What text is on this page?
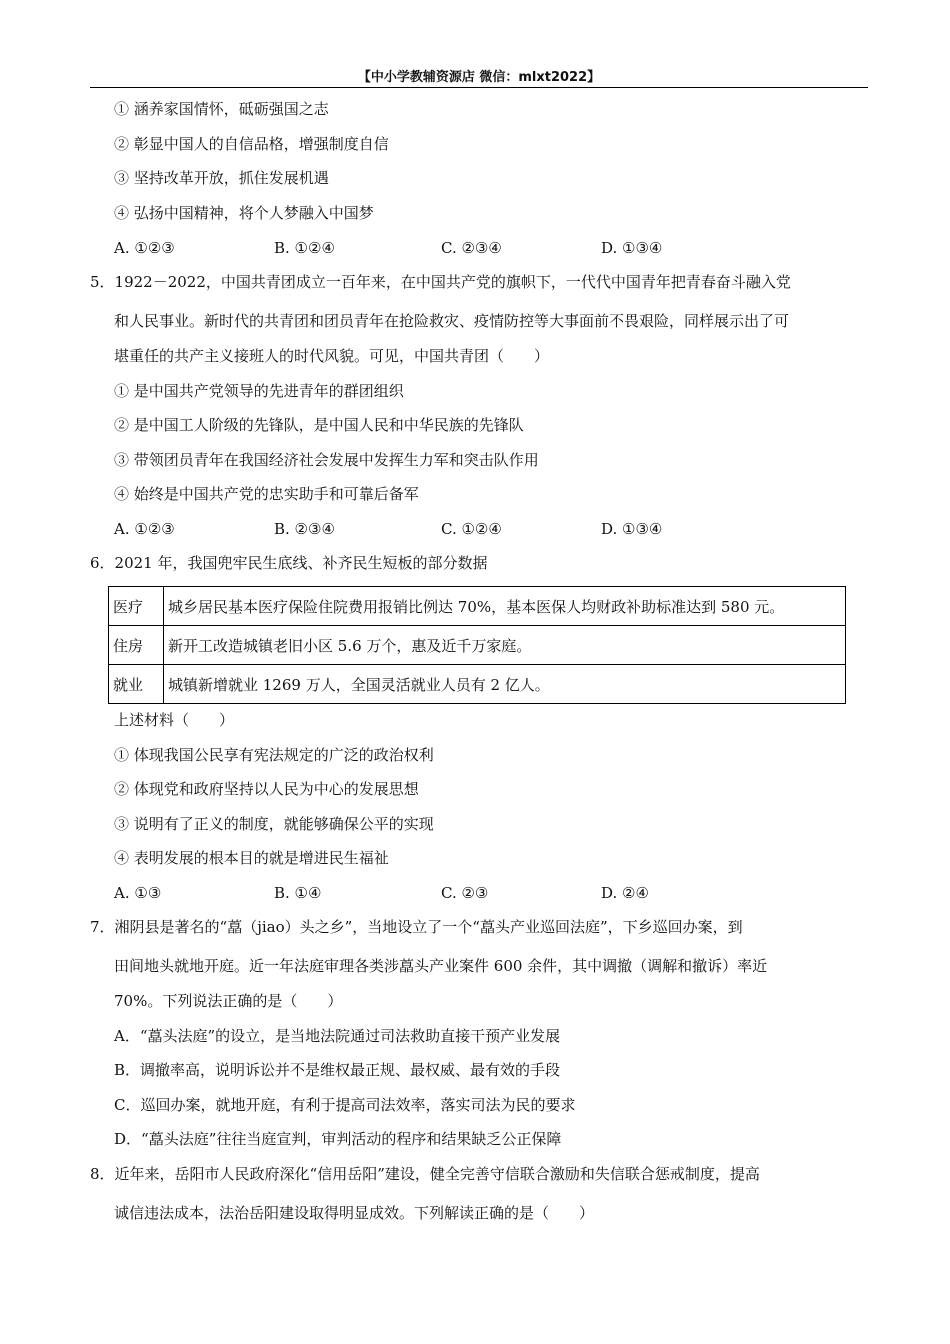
【中小学教辅资源店 微信：mlxt2022】
① 涵养家国情怀，砥砺强国之志
② 彰显中国人的自信品格，增强制度自信
③ 坚持改革开放，抓住发展机遇
④ 弘扬中国精神，将个人梦融入中国梦
A. ①②③	B. ①②④	C. ②③④	D. ①③④
5．1922－2022，中国共青团成立一百年来，在中国共产党的旗帜下，一代代中国青年把青春奋斗融入党
和人民事业。新时代的共青团和团员青年在抢险救灾、疫情防控等大事面前不畏艰险，同样展示出了可
堪重任的共产主义接班人的时代风貌。可见，中国共青团（　　）
① 是中国共产党领导的先进青年的群团组织
② 是中国工人阶级的先锋队，是中国人民和中华民族的先锋队
③ 带领团员青年在我国经济社会发展中发挥生力军和突击队作用
④ 始终是中国共产党的忠实助手和可靠后备军
A. ①②③	B. ②③④	C. ①②④	D. ①③④
6．2021 年，我国兜牢民生底线、补齐民生短板的部分数据
医疗	城乡居民基本医疗保险住院费用报销比例达 70%，基本医保人均财政补助标准达到 580 元。
住房	新开工改造城镇老旧小区 5.6 万个，惠及近千万家庭。
就业	城镇新增就业 1269 万人，全国灵活就业人员有 2 亿人。
上述材料（　　）
① 体现我国公民享有宪法规定的广泛的政治权利
② 体现党和政府坚持以人民为中心的发展思想
③ 说明有了正义的制度，就能够确保公平的实现
④ 表明发展的根本目的就是增进民生福祉
A. ①③	B. ①④	C. ②③	D. ②④
7．湘阴县是著名的“藠（jiao）头之乡”，当地设立了一个“藠头产业巡回法庭”，下乡巡回办案，到
田间地头就地开庭。近一年法庭审理各类涉藠头产业案件 600 余件，其中调撤（调解和撤诉）率近
70%。下列说法正确的是（　　）
A．“藠头法庭”的设立，是当地法院通过司法救助直接干预产业发展
B．调撤率高，说明诉讼并不是维权最正规、最权威、最有效的手段
C．巡回办案，就地开庭，有利于提高司法效率，落实司法为民的要求
D．“藠头法庭”往往当庭宣判，审判活动的程序和结果缺乏公正保障
8．近年来，岳阳市人民政府深化“信用岳阳”建设，健全完善守信联合激励和失信联合惩戒制度，提高
诚信违法成本，法治岳阳建设取得明显成效。下列解读正确的是（　　）
